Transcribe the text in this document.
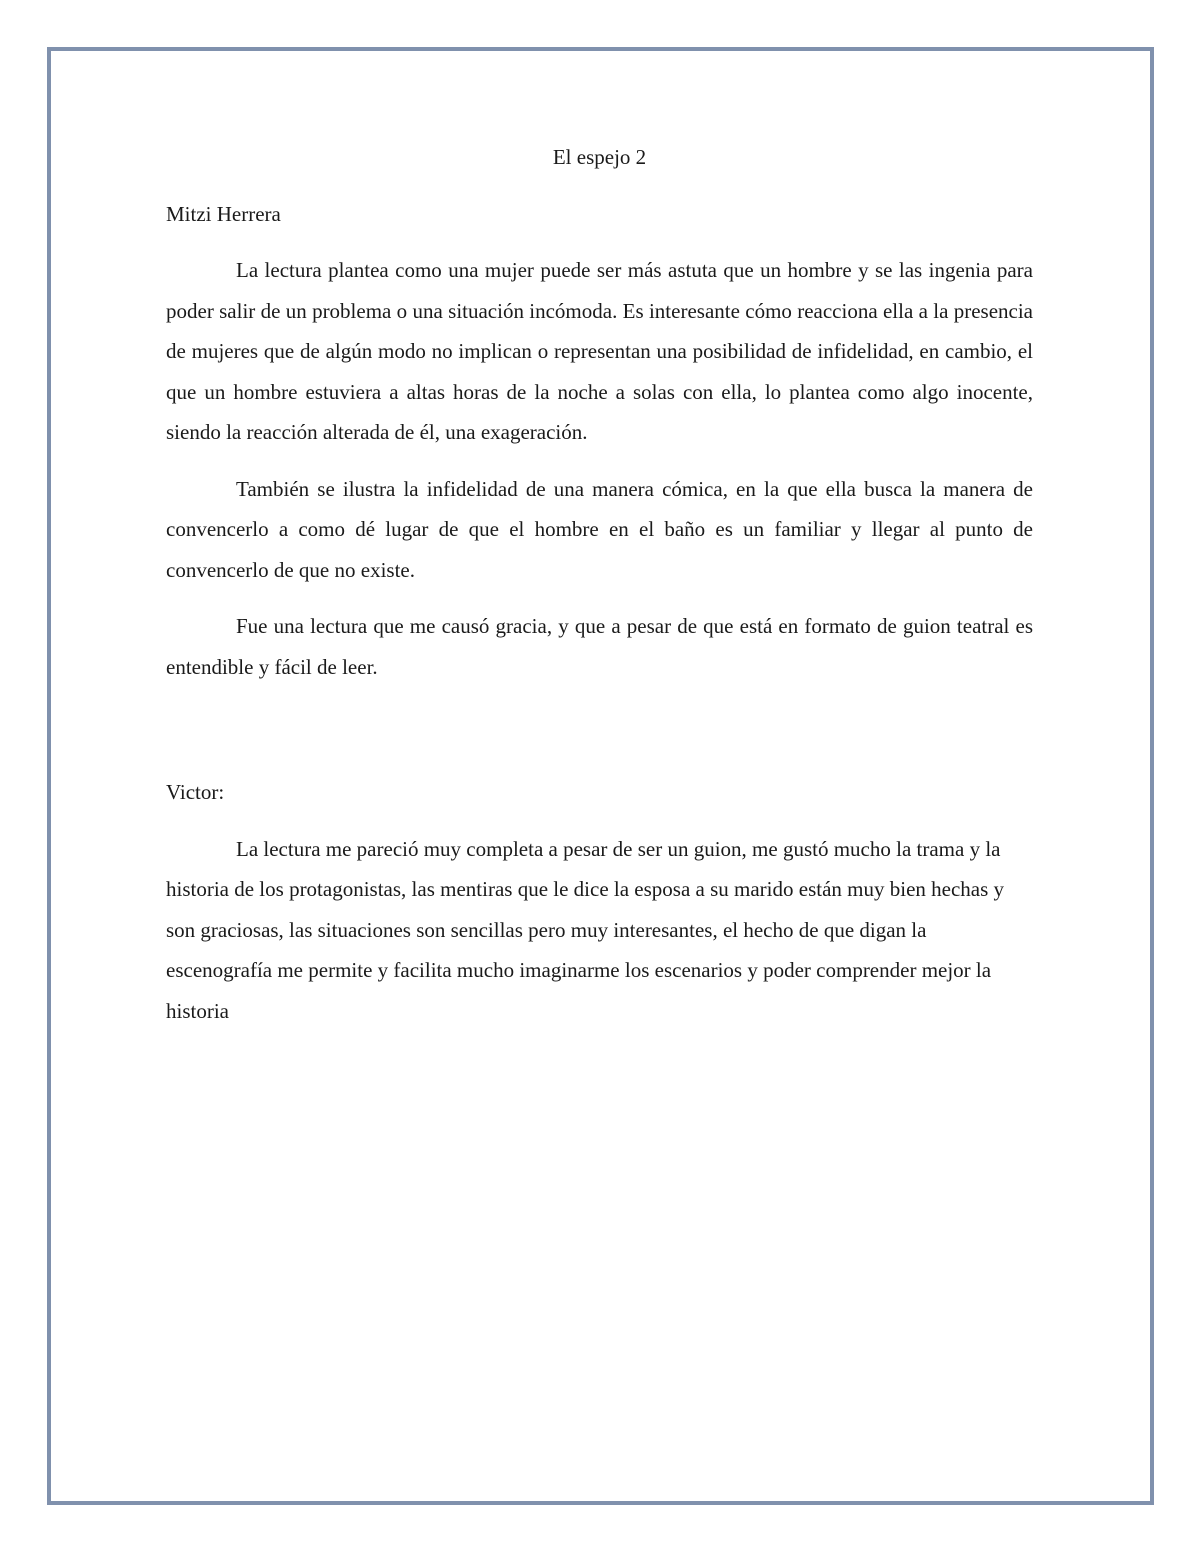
El espejo 2

Mitzi Herrera

La lectura plantea como una mujer puede ser más astuta que un hombre y se las ingenia para poder salir de un problema o una situación incómoda. Es interesante cómo reacciona ella a la presencia de mujeres que de algún modo no implican o representan una posibilidad de infidelidad, en cambio, el que un hombre estuviera a altas horas de la noche a solas con ella, lo plantea como algo inocente, siendo la reacción alterada de él, una exageración.

También se ilustra la infidelidad de una manera cómica, en la que ella busca la manera de convencerlo a como dé lugar de que el hombre en el baño es un familiar y llegar al punto de convencerlo de que no existe.

Fue una lectura que me causó gracia, y que a pesar de que está en formato de guion teatral es entendible y fácil de leer.

Victor:

La lectura me pareció muy completa a pesar de ser un guion, me gustó mucho la trama y la historia de los protagonistas, las mentiras que le dice la esposa a su marido están muy bien hechas y son graciosas, las situaciones son sencillas pero muy interesantes, el hecho de que digan la escenografía me permite y facilita mucho imaginarme los escenarios y poder comprender mejor la historia
